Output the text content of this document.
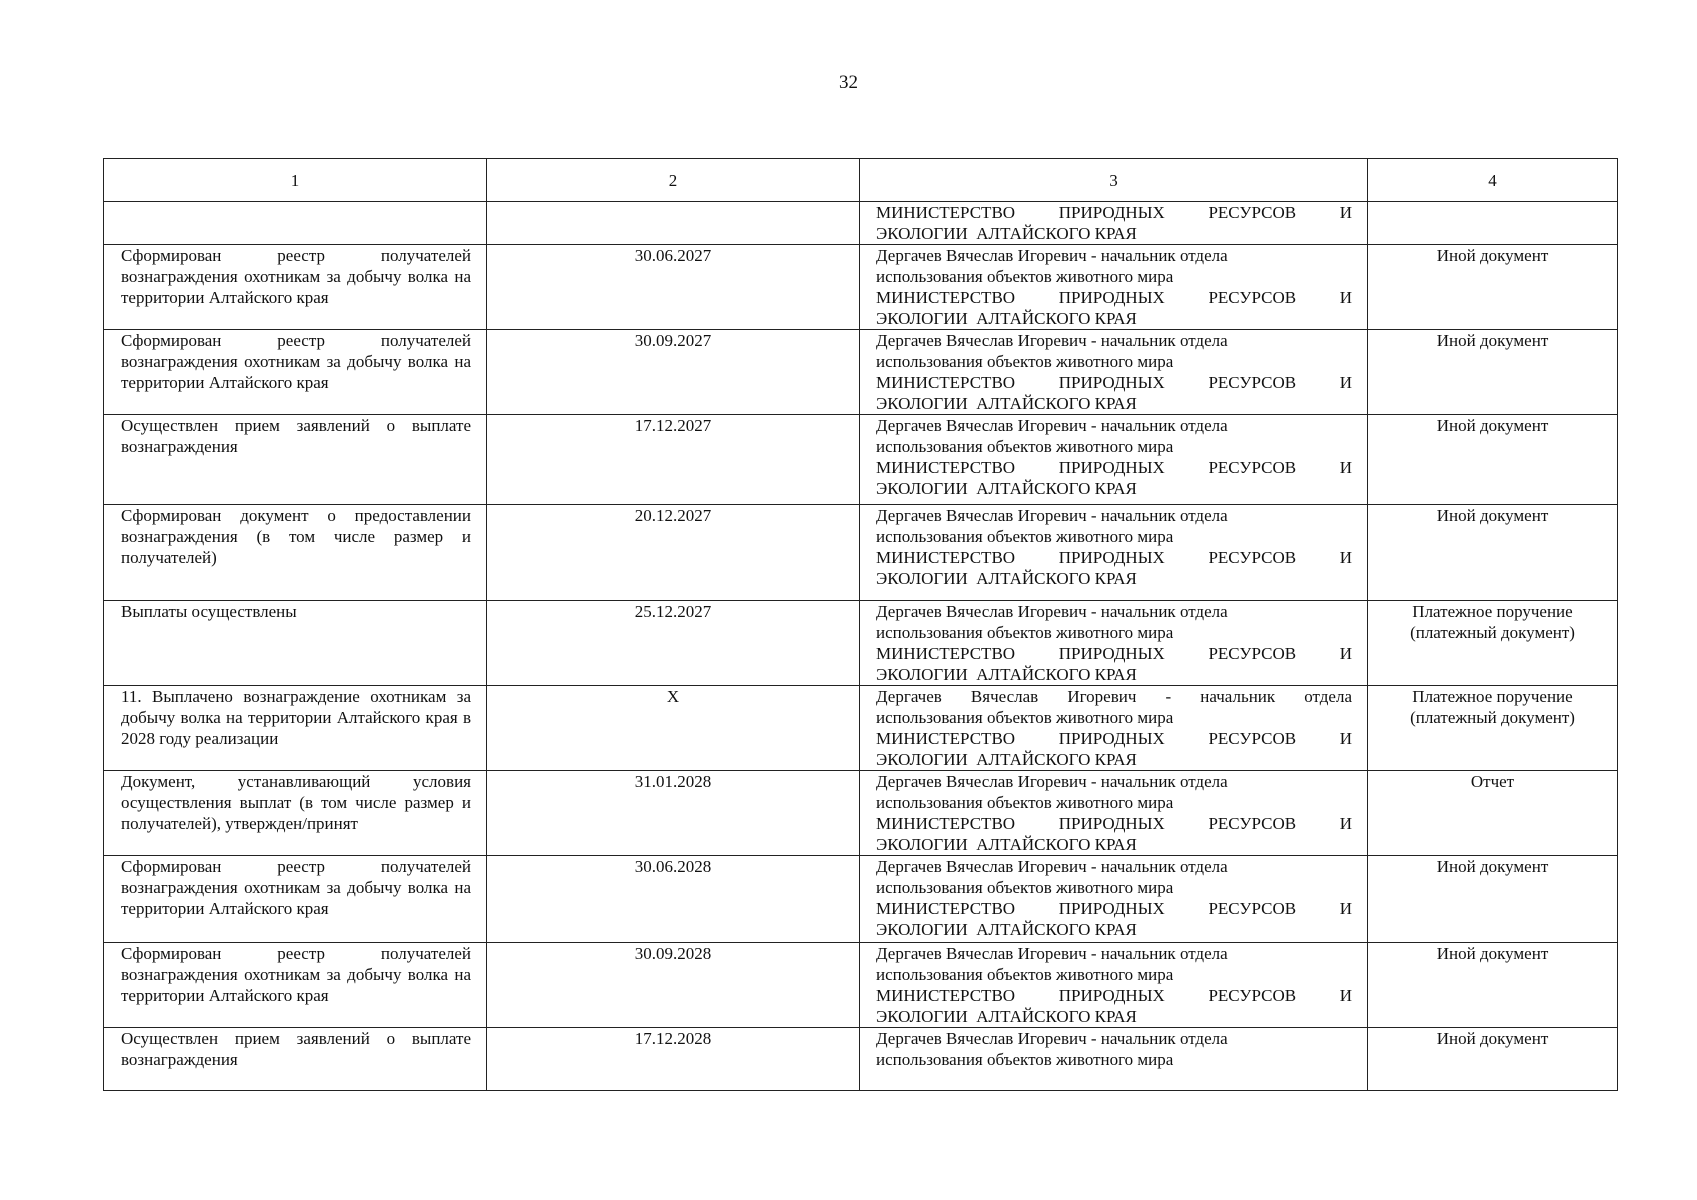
32
1	2	3	4

		МИНИСТЕРСТВО ПРИРОДНЫХ РЕСУРСОВ И
ЭКОЛОГИИ  АЛТАЙСКОГО КРАЯ	

Сформирован реестр получателей вознаграждения охотникам за добычу волка на территории Алтайского края	30.06.2027	Дергачев Вячеслав Игоревич - начальник отдела
использования объектов животного мира
МИНИСТЕРСТВО ПРИРОДНЫХ РЕСУРСОВ И
ЭКОЛОГИИ  АЛТАЙСКОГО КРАЯ	Иной документ
Сформирован реестр получателей вознаграждения охотникам за добычу волка на территории Алтайского края	30.09.2027	Дергачев Вячеслав Игоревич - начальник отдела
использования объектов животного мира
МИНИСТЕРСТВО ПРИРОДНЫХ РЕСУРСОВ И
ЭКОЛОГИИ  АЛТАЙСКОГО КРАЯ	Иной документ
Осуществлен прием заявлений о выплате вознаграждения	17.12.2027	Дергачев Вячеслав Игоревич - начальник отдела
использования объектов животного мира
МИНИСТЕРСТВО ПРИРОДНЫХ РЕСУРСОВ И
ЭКОЛОГИИ  АЛТАЙСКОГО КРАЯ	Иной документ
Сформирован документ о предоставлении вознаграждения (в том числе размер и получателей)	20.12.2027	Дергачев Вячеслав Игоревич - начальник отдела
использования объектов животного мира
МИНИСТЕРСТВО ПРИРОДНЫХ РЕСУРСОВ И
ЭКОЛОГИИ  АЛТАЙСКОГО КРАЯ	Иной документ
Выплаты осуществлены	25.12.2027	Дергачев Вячеслав Игоревич - начальник отдела
использования объектов животного мира
МИНИСТЕРСТВО ПРИРОДНЫХ РЕСУРСОВ И
ЭКОЛОГИИ  АЛТАЙСКОГО КРАЯ	Платежное поручение (платежный документ)
11. Выплачено вознаграждение охотникам за добычу волка на территории Алтайского края в 2028 году реализации	X	Дергачев Вячеслав Игоревич - начальник отдела
использования объектов животного мира
МИНИСТЕРСТВО ПРИРОДНЫХ РЕСУРСОВ И
ЭКОЛОГИИ  АЛТАЙСКОГО КРАЯ	Платежное поручение (платежный документ)
Документ, устанавливающий условия осуществления выплат (в том числе размер и получателей), утвержден/принят	31.01.2028	Дергачев Вячеслав Игоревич - начальник отдела
использования объектов животного мира
МИНИСТЕРСТВО ПРИРОДНЫХ РЕСУРСОВ И
ЭКОЛОГИИ  АЛТАЙСКОГО КРАЯ	Отчет
Сформирован реестр получателей вознаграждения охотникам за добычу волка на территории Алтайского края	30.06.2028	Дергачев Вячеслав Игоревич - начальник отдела
использования объектов животного мира
МИНИСТЕРСТВО ПРИРОДНЫХ РЕСУРСОВ И
ЭКОЛОГИИ  АЛТАЙСКОГО КРАЯ	Иной документ
Сформирован реестр получателей вознаграждения охотникам за добычу волка на территории Алтайского края	30.09.2028	Дергачев Вячеслав Игоревич - начальник отдела
использования объектов животного мира
МИНИСТЕРСТВО ПРИРОДНЫХ РЕСУРСОВ И
ЭКОЛОГИИ  АЛТАЙСКОГО КРАЯ	Иной документ
Осуществлен прием заявлений о выплате вознаграждения	17.12.2028	Дергачев Вячеслав Игоревич - начальник отдела
использования объектов животного мира	Иной документ
